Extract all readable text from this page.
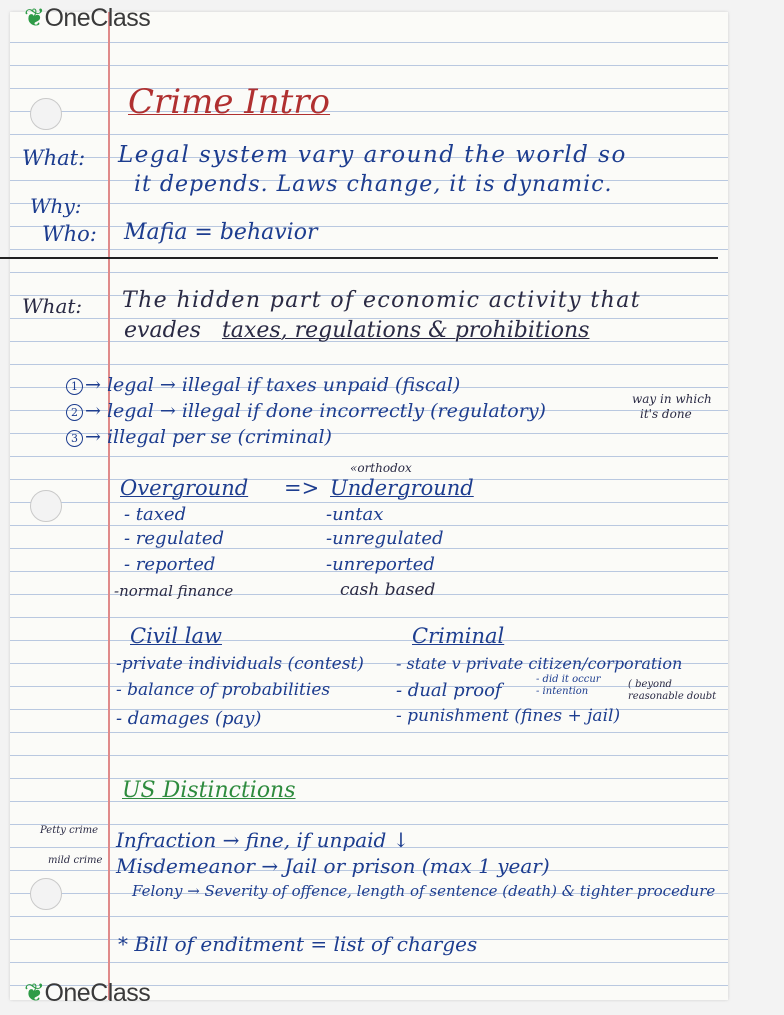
❦OneClass
❦OneClass
Crime Intro
What: Legal system vary around the world so
it depends. Laws change, it is dynamic.
Why:
Who: Mafia = behavior
What: The hidden part of economic activity that
evades taxes, regulations & prohibitions
1 → legal → illegal if taxes unpaid (fiscal)
2 → legal → illegal if done incorrectly (regulatory)
3 → illegal per se (criminal)
way in which
it's done
«orthodox
Overground => Underground
- taxed
- regulated
- reported
-normal finance
-untax
-unregulated
-unreported
cash based
Civil law	Criminal
-private individuals (contest)
- balance of probabilities
- damages (pay)
- state v private citizen/corporation
- dual proof
- did it occur
- intention
( beyond reasonable doubt
- punishment (fines + jail)
US Distinctions
Petty crime
mild crime
Infraction → fine, if unpaid ↓
Misdemeanor → Jail or prison (max 1 year)
Felony → Severity of offence, length of sentence (death) & tighter procedure
* Bill of enditment = list of charges
